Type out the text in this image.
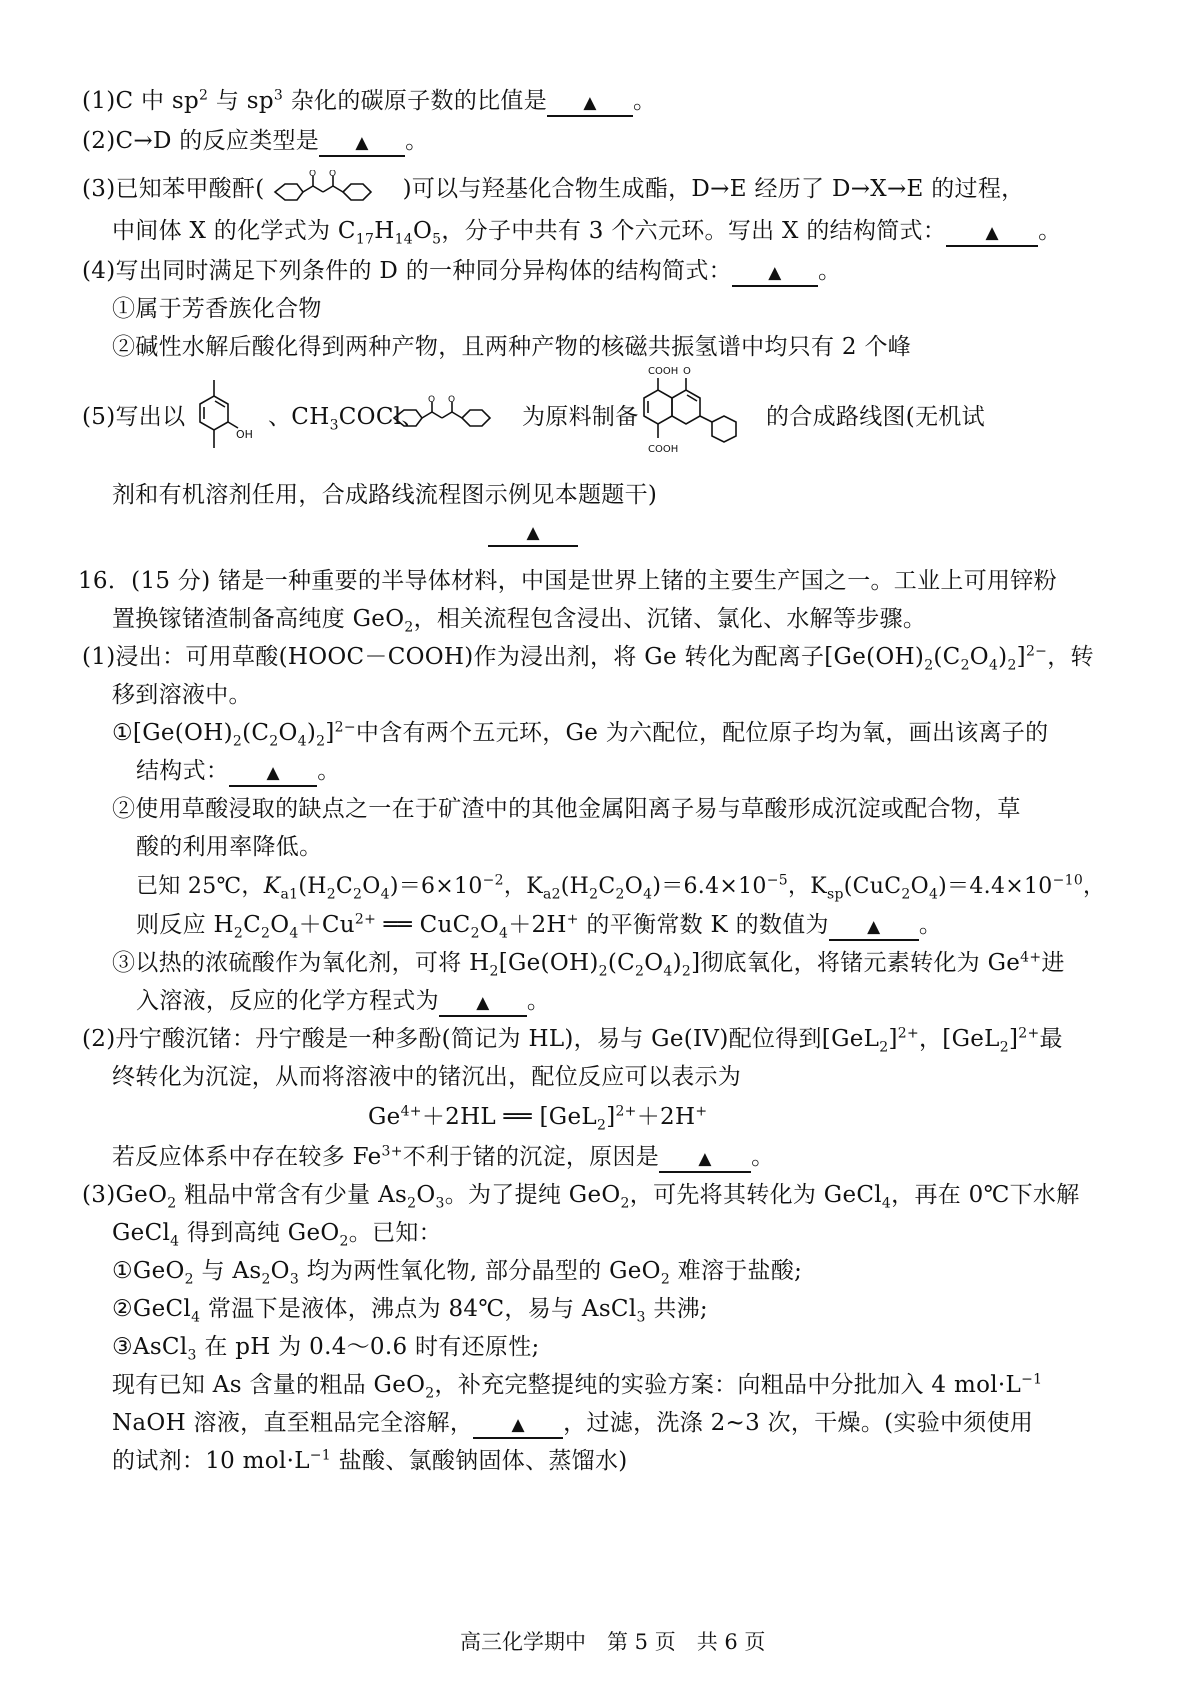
(1)C 中 $sp^2$ 与 $sp^3$ 杂化的碳原子数的比值是 ▲ 。
(2)C→D 的反应类型是 ▲ 。
(3)已知苯甲酸酐(
O O
)可以与羟基化合物生成酯，D→E 经历了 D→X→E 的过程，
中间体 X 的化学式为 $C_{17}H_{14}O_5$，分子中共有 3 个六元环。写出 X 的结构简式： ▲ 。
(4)写出同时满足下列条件的 D 的一种同分异构体的结构简式： ▲ 。
①属于芳香族化合物
②碱性水解后酸化得到两种产物，且两种产物的核磁共振氢谱中均只有 2 个峰
(5)写出以
OH
、$CH_3COCl$、
O O
为原料制备
COOH O
COOH
的合成路线图(无机试
剂和有机溶剂任用，合成路线流程图示例见本题题干)
▲
16．(15 分) 锗是一种重要的半导体材料，中国是世界上锗的主要生产国之一。工业上可用锌粉
置换镓锗渣制备高纯度 GeO$_2$，相关流程包含浸出、沉锗、氯化、水解等步骤。
(1)浸出：可用草酸(HOOC－COOH)作为浸出剂，将 Ge 转化为配离子$[Ge(OH)_2(C_2O_4)_2]^{2-}$，转
移到溶液中。
$①[Ge(OH)_2(C_2O_4)_2]^{2-}$中含有两个五元环，Ge 为六配位，配位原子均为氧，画出该离子的
结构式： ▲ 。
②使用草酸浸取的缺点之一在于矿渣中的其他金属阳离子易与草酸形成沉淀或配合物，草
酸的利用率降低。
已知 25℃，$K_{a1}(H_2C_2O_4)=6\times 10^{-2}$，$K_{a2}(H_2C_2O_4)=6.4\times 10^{-5}$，$K_{sp}(CuC_2O_4)=4.4\times 10^{-10}$，
则反应 $H_2C_2O_4+Cu^{2+}$ ══ $CuC_2O_4+2H^+$ 的平衡常数 K 的数值为 ▲ 。
③以热的浓硫酸作为氧化剂，可将 $H_2[Ge(OH)_2(C_2O_4)_2]$彻底氧化，将锗元素转化为 $Ge^{4+}$进
入溶液，反应的化学方程式为 ▲ 。
(2)丹宁酸沉锗：丹宁酸是一种多酚(简记为 HL)，易与 Ge(IV)配位得到$[GeL_2]^{2+}$，$[GeL_2]^{2+}$最
终转化为沉淀，从而将溶液中的锗沉出，配位反应可以表示为
$Ge^{4+}+2HL$ ══ $[GeL_2]^{2+}+2H^+$
若反应体系中存在较多 $Fe^{3+}$不利于锗的沉淀，原因是 ▲ 。
(3)GeO$_2$ 粗品中常含有少量 $As_2O_3$。为了提纯 GeO$_2$，可先将其转化为 GeCl$_4$，再在 0℃下水解
GeCl$_4$ 得到高纯 GeO$_2$。已知：
①GeO$_2$ 与 $As_2O_3$ 均为两性氧化物, 部分晶型的 GeO$_2$ 难溶于盐酸;
②GeCl$_4$ 常温下是液体，沸点为 84℃，易与 AsCl$_3$ 共沸;
③AsCl$_3$ 在 pH 为 0.4～0.6 时有还原性;
现有已知 As 含量的粗品 GeO$_2$，补充完整提纯的实验方案：向粗品中分批加入 4 $mol\cdot L^{-1}$
NaOH 溶液，直至粗品完全溶解， ▲ ，过滤，洗涤 2~3 次，干燥。(实验中须使用
的试剂：10 $mol\cdot L^{-1}$ 盐酸、氯酸钠固体、蒸馏水)
高三化学期中　第 5 页　共 6 页
